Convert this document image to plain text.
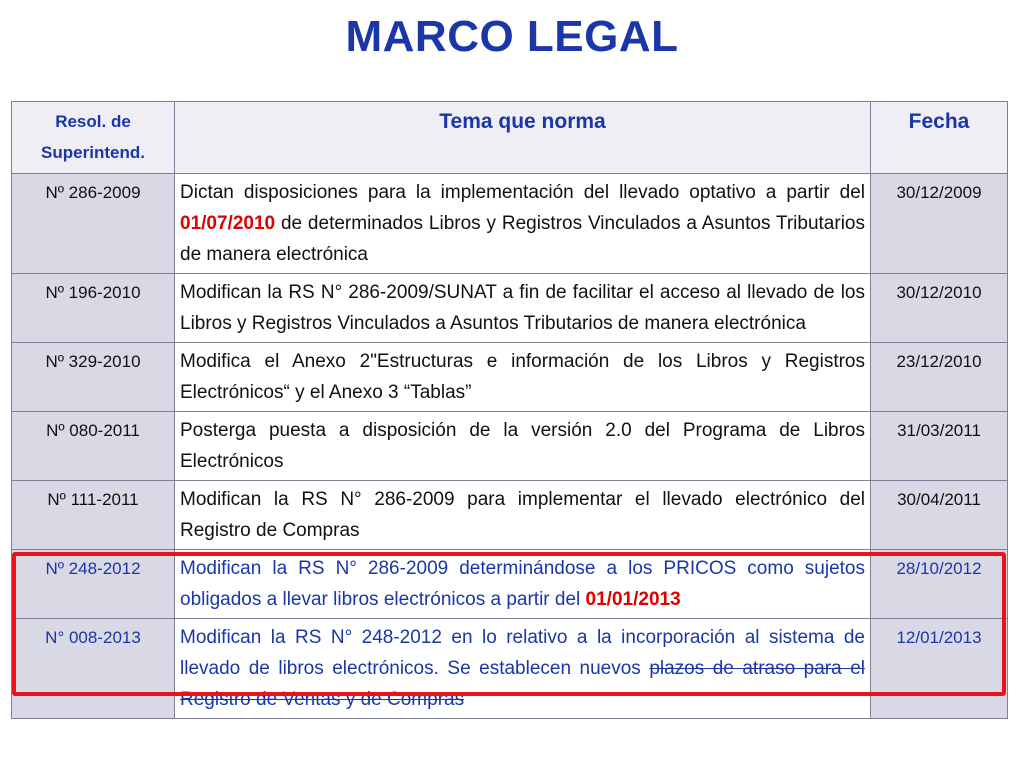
MARCO LEGAL
Resol. de
Superintend.	Tema que norma	Fecha
Nº 286-2009	Dictan disposiciones para la implementación del llevado optativo a partir del 01/07/2010 de determinados Libros y Registros Vinculados a Asuntos Tributarios de manera electrónica	30/12/2009
Nº 196-2010	Modifican la RS N° 286-2009/SUNAT a fin de facilitar el acceso al llevado de los Libros y Registros Vinculados a Asuntos Tributarios de manera electrónica	30/12/2010
Nº 329-2010	Modifica el Anexo 2"Estructuras e información de los Libros y Registros Electrónicos“ y el Anexo 3 “Tablas”	23/12/2010
Nº 080-2011	Posterga puesta a disposición de la versión 2.0 del Programa de Libros Electrónicos	31/03/2011
Nº 111-2011	Modifican la RS N° 286-2009 para implementar el llevado electrónico del Registro de Compras	30/04/2011
Nº 248-2012	Modifican la RS N° 286-2009 determinándose a los PRICOS como sujetos obligados a llevar libros electrónicos a partir del 01/01/2013	28/10/2012
N° 008-2013	Modifican la RS N° 248-2012 en lo relativo a la incorporación al sistema de llevado de libros electrónicos. Se establecen nuevos plazos de atraso para el Registro de Ventas y de Compras	12/01/2013
